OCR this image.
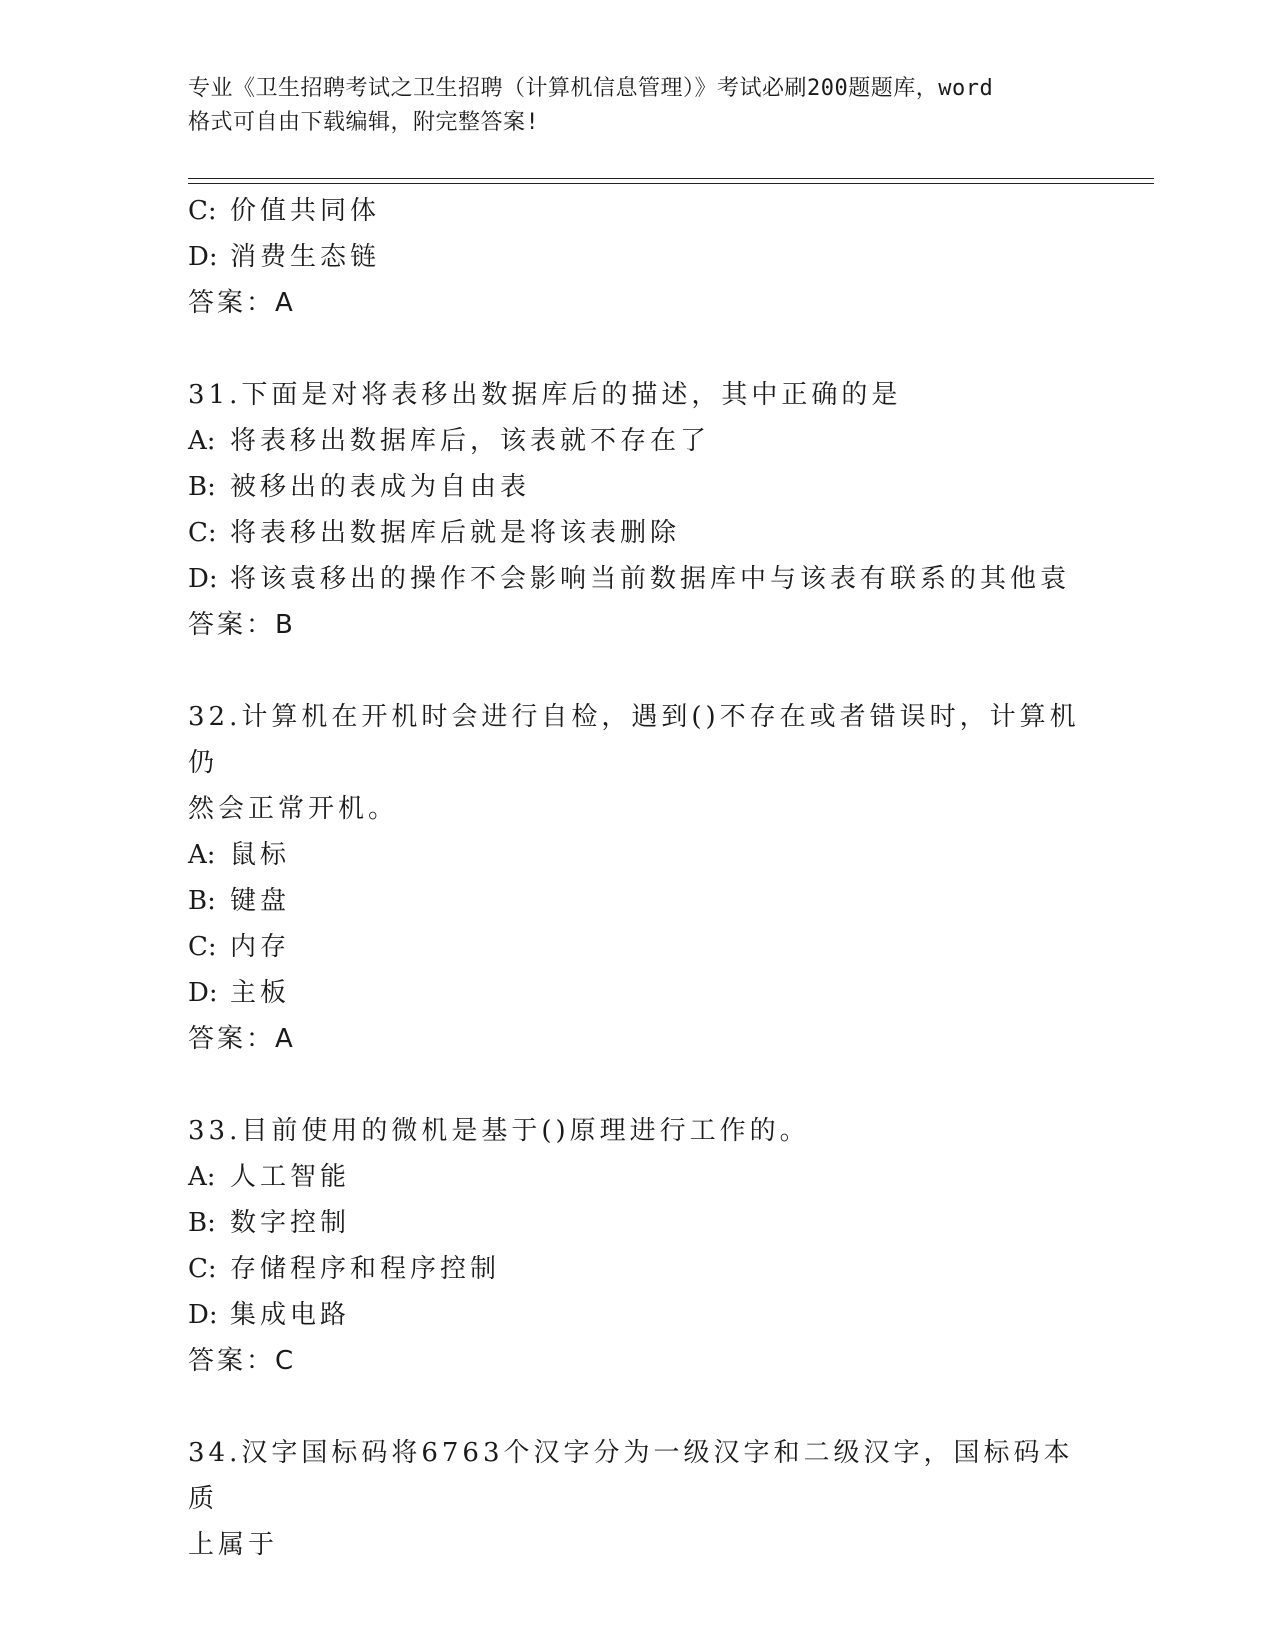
专业《卫生招聘考试之卫生招聘（计算机信息管理）》考试必刷200题题库，word
格式可自由下载编辑，附完整答案!
C: 价值共同体
D: 消费生态链
答案：A
31.下面是对将表移出数据库后的描述，其中正确的是
A: 将表移出数据库后，该表就不存在了
B: 被移出的表成为自由表
C: 将表移出数据库后就是将该表删除
D: 将该袁移出的操作不会影响当前数据库中与该表有联系的其他袁
答案：B
32.计算机在开机时会进行自检，遇到()不存在或者错误时，计算机仍
然会正常开机。
A: 鼠标
B: 键盘
C: 内存
D: 主板
答案：A
33.目前使用的微机是基于()原理进行工作的。
A: 人工智能
B: 数字控制
C: 存储程序和程序控制
D: 集成电路
答案：C
34.汉字国标码将6763个汉字分为一级汉字和二级汉字，国标码本质
上属于
